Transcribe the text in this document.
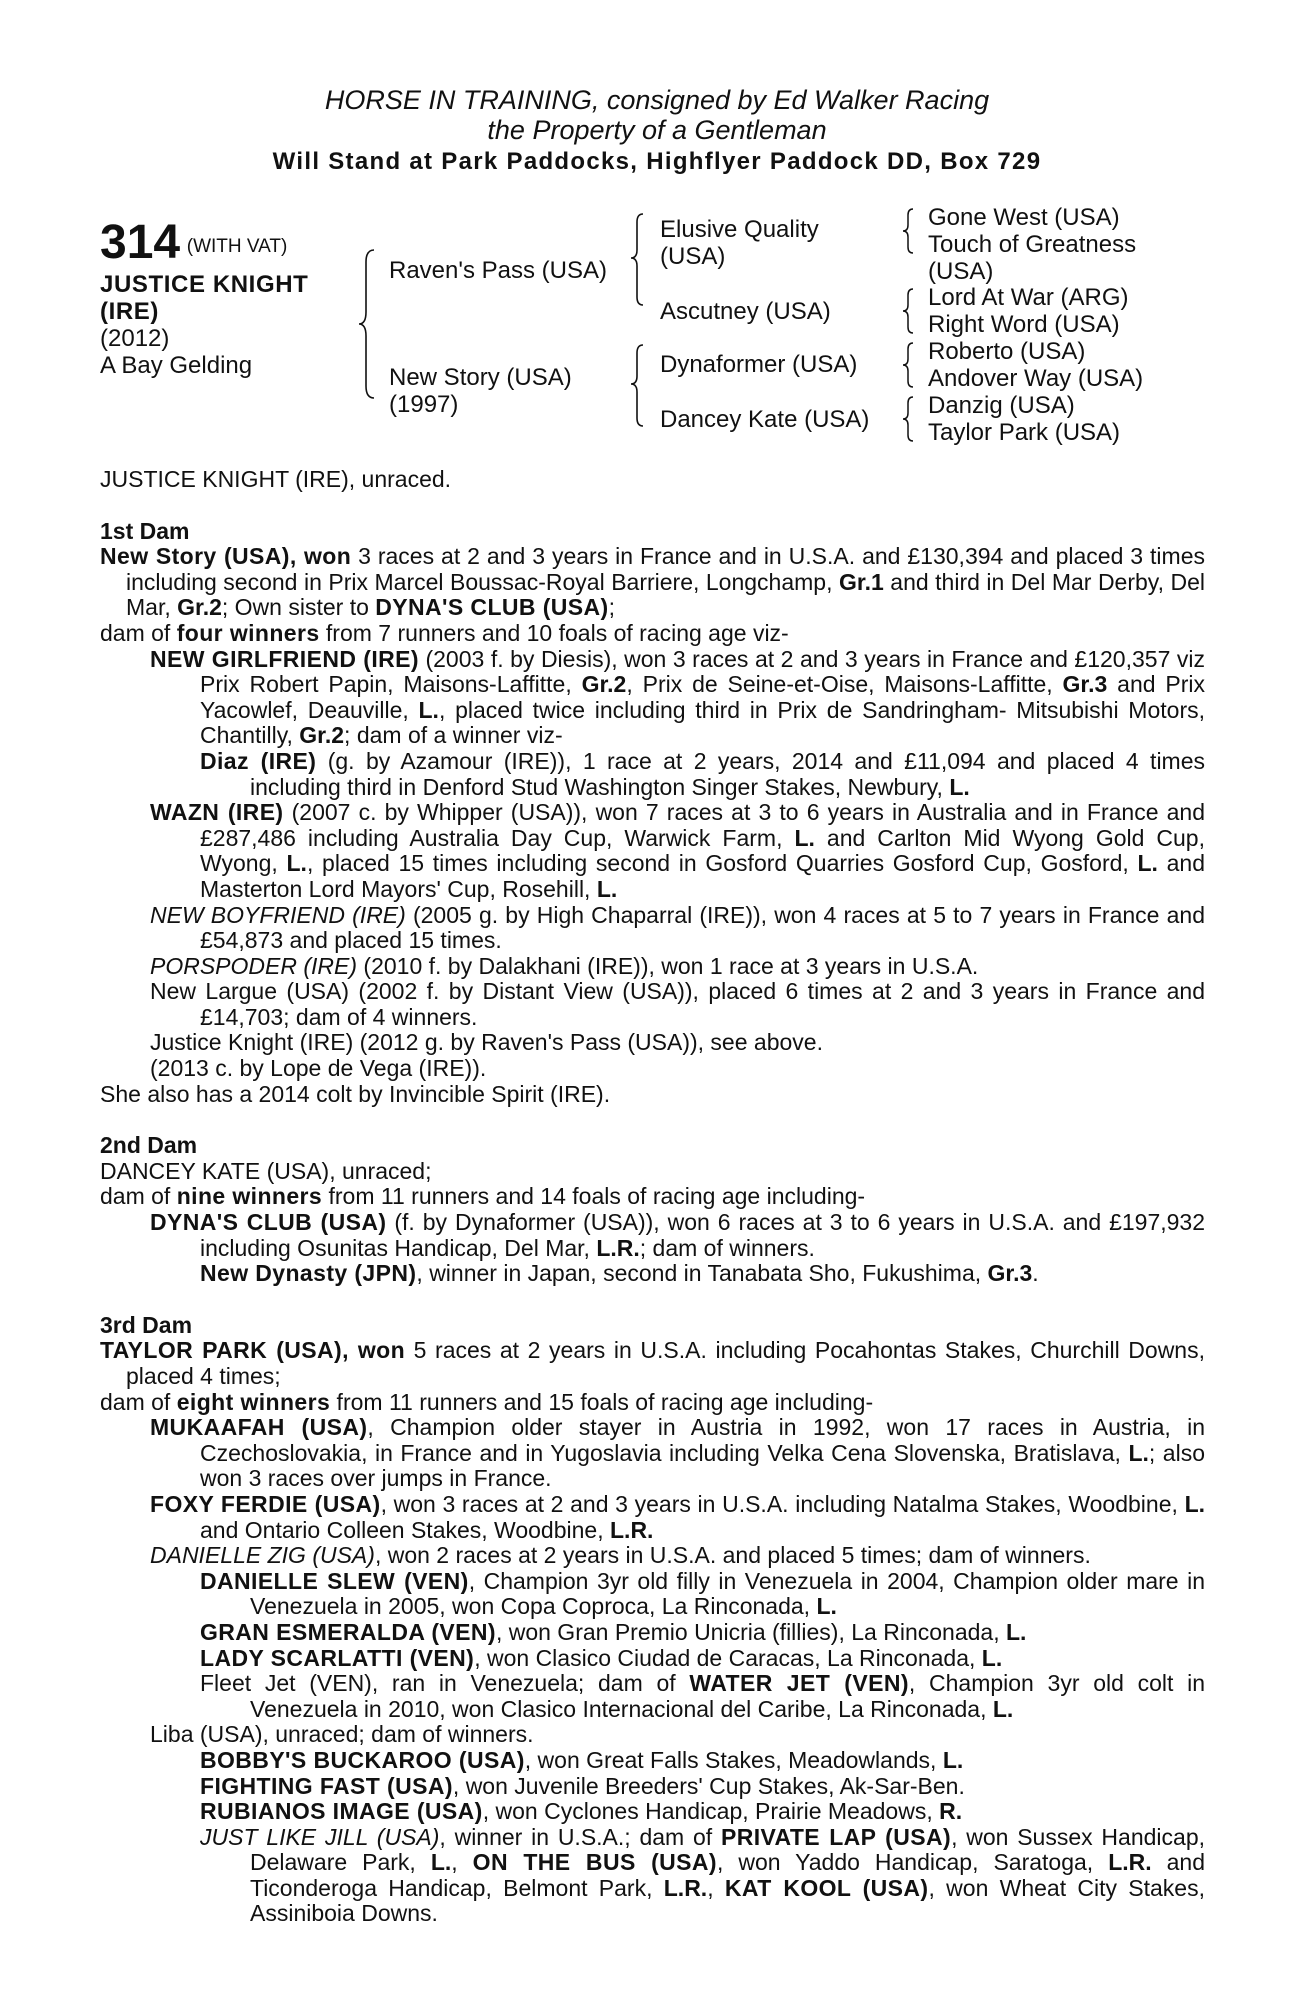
HORSE IN TRAINING, consigned by Ed Walker Racing
the Property of a Gentleman
Will Stand at Park Paddocks, Highflyer Paddock DD, Box 729
314 $^{(WITH VAT)}$
JUSTICE KNIGHT
(IRE)
(2012)
A Bay Gelding
Raven's Pass (USA)
New Story (USA)
(1997)
Elusive Quality
(USA)
Ascutney (USA)
Dynaformer (USA)
Dancey Kate (USA)
Gone West (USA)
Touch of Greatness
(USA)
Lord At War (ARG)
Right Word (USA)
Roberto (USA)
Andover Way (USA)
Danzig (USA)
Taylor Park (USA)

JUSTICE KNIGHT (IRE), unraced.

1st Dam

New Story (USA), won 3 races at 2 and 3 years in France and in U.S.A. and £130,394 and placed 3 times including second in Prix Marcel Boussac-Royal Barriere, Longchamp, Gr.1 and third in Del Mar Derby, Del Mar, Gr.2; Own sister to DYNA'S CLUB (USA);

dam of four winners from 7 runners and 10 foals of racing age viz-

NEW GIRLFRIEND (IRE) (2003 f. by Diesis), won 3 races at 2 and 3 years in France and £120,357 viz Prix Robert Papin, Maisons-Laffitte, Gr.2, Prix de Seine-et-Oise, Maisons-Laffitte, Gr.3 and Prix Yacowlef, Deauville, L., placed twice including third in Prix de Sandringham- Mitsubishi Motors, Chantilly, Gr.2; dam of a winner viz-

Diaz (IRE) (g. by Azamour (IRE)), 1 race at 2 years, 2014 and £11,094 and placed 4 times including third in Denford Stud Washington Singer Stakes, Newbury, L.

WAZN (IRE) (2007 c. by Whipper (USA)), won 7 races at 3 to 6 years in Australia and in France and £287,486 including Australia Day Cup, Warwick Farm, L. and Carlton Mid Wyong Gold Cup, Wyong, L., placed 15 times including second in Gosford Quarries Gosford Cup, Gosford, L. and Masterton Lord Mayors' Cup, Rosehill, L.

NEW BOYFRIEND (IRE) (2005 g. by High Chaparral (IRE)), won 4 races at 5 to 7 years in France and £54,873 and placed 15 times.

PORSPODER (IRE) (2010 f. by Dalakhani (IRE)), won 1 race at 3 years in U.S.A.

New Largue (USA) (2002 f. by Distant View (USA)), placed 6 times at 2 and 3 years in France and £14,703; dam of 4 winners.

Justice Knight (IRE) (2012 g. by Raven's Pass (USA)), see above.

(2013 c. by Lope de Vega (IRE)).

She also has a 2014 colt by Invincible Spirit (IRE).

2nd Dam

DANCEY KATE (USA), unraced;

dam of nine winners from 11 runners and 14 foals of racing age including-

DYNA'S CLUB (USA) (f. by Dynaformer (USA)), won 6 races at 3 to 6 years in U.S.A. and £197,932 including Osunitas Handicap, Del Mar, L.R.; dam of winners.

New Dynasty (JPN), winner in Japan, second in Tanabata Sho, Fukushima, Gr.3.

3rd Dam

TAYLOR PARK (USA), won 5 races at 2 years in U.S.A. including Pocahontas Stakes, Churchill Downs, placed 4 times;

dam of eight winners from 11 runners and 15 foals of racing age including-

MUKAAFAH (USA), Champion older stayer in Austria in 1992, won 17 races in Austria, in Czechoslovakia, in France and in Yugoslavia including Velka Cena Slovenska, Bratislava, L.; also won 3 races over jumps in France.

FOXY FERDIE (USA), won 3 races at 2 and 3 years in U.S.A. including Natalma Stakes, Woodbine, L. and Ontario Colleen Stakes, Woodbine, L.R.

DANIELLE ZIG (USA), won 2 races at 2 years in U.S.A. and placed 5 times; dam of winners.

DANIELLE SLEW (VEN), Champion 3yr old filly in Venezuela in 2004, Champion older mare in Venezuela in 2005, won Copa Coproca, La Rinconada, L.

GRAN ESMERALDA (VEN), won Gran Premio Unicria (fillies), La Rinconada, L.

LADY SCARLATTI (VEN), won Clasico Ciudad de Caracas, La Rinconada, L.

Fleet Jet (VEN), ran in Venezuela; dam of WATER JET (VEN), Champion 3yr old colt in Venezuela in 2010, won Clasico Internacional del Caribe, La Rinconada, L.

Liba (USA), unraced; dam of winners.

BOBBY'S BUCKAROO (USA), won Great Falls Stakes, Meadowlands, L.

FIGHTING FAST (USA), won Juvenile Breeders' Cup Stakes, Ak-Sar-Ben.

RUBIANOS IMAGE (USA), won Cyclones Handicap, Prairie Meadows, R.

JUST LIKE JILL (USA), winner in U.S.A.; dam of PRIVATE LAP (USA), won Sussex Handicap, Delaware Park, L., ON THE BUS (USA), won Yaddo Handicap, Saratoga, L.R. and Ticonderoga Handicap, Belmont Park, L.R., KAT KOOL (USA), won Wheat City Stakes, Assiniboia Downs.
